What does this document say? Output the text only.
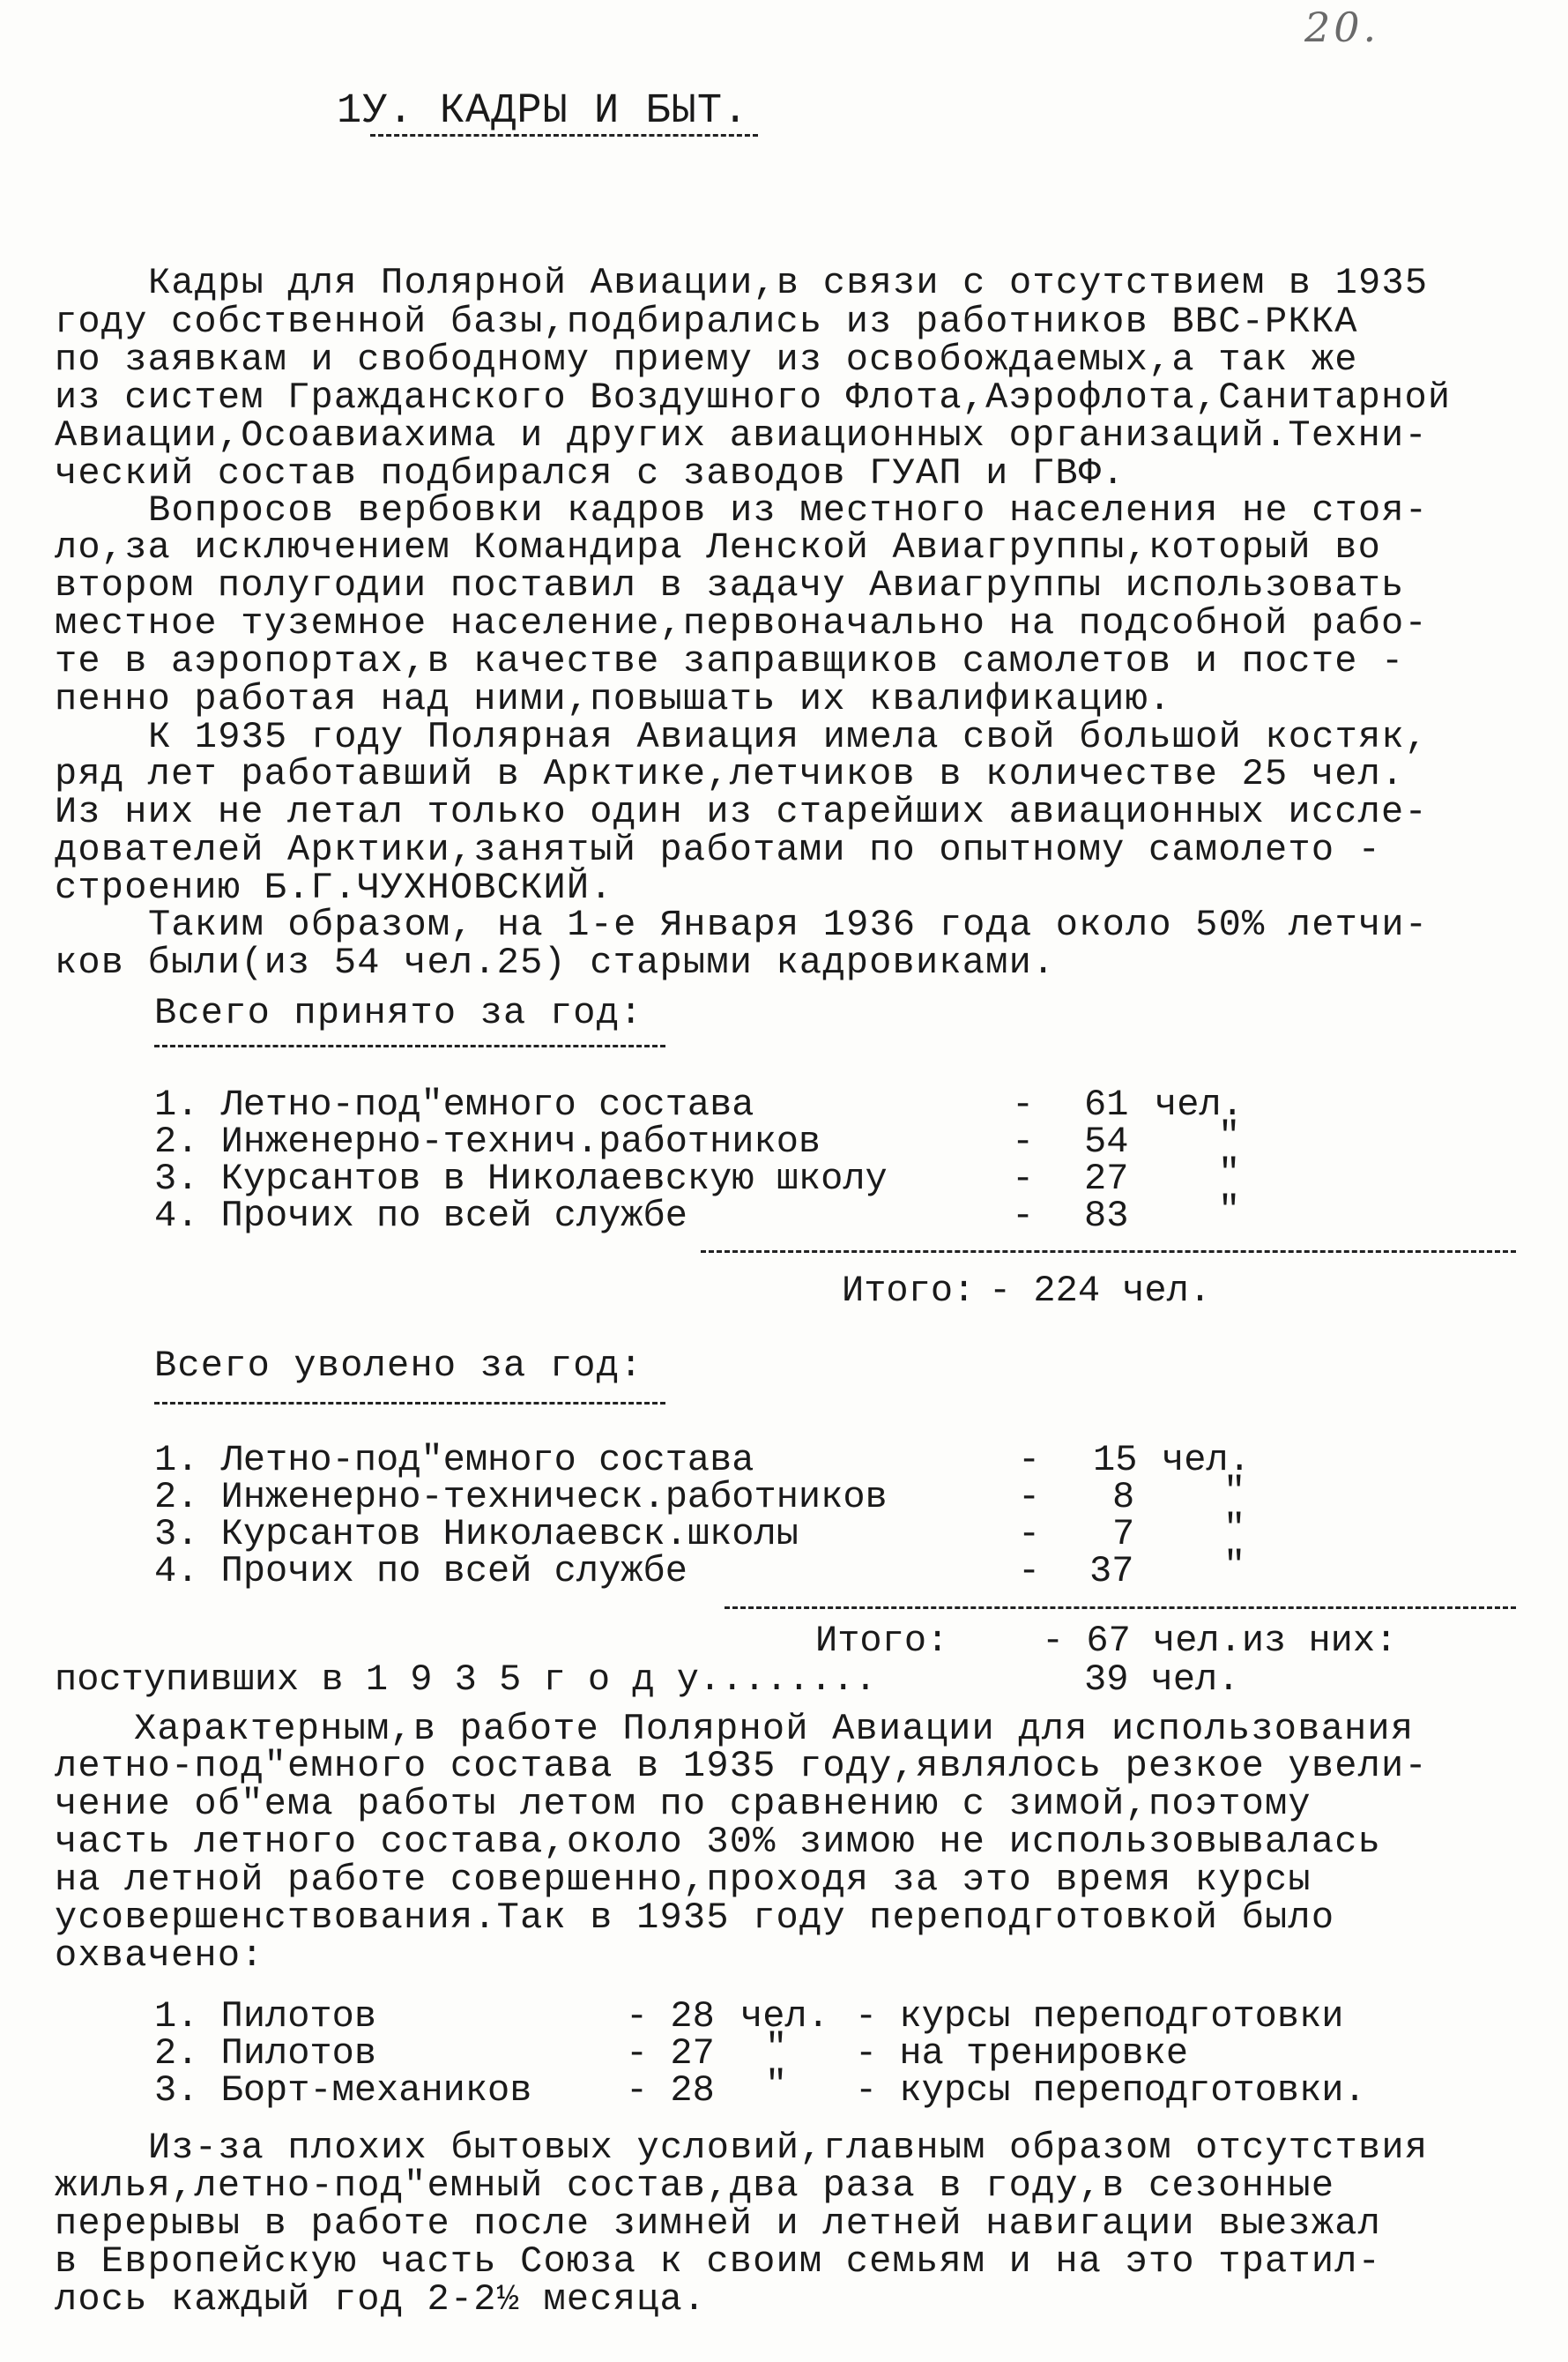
20.
1У. КАДРЫ И БЫТ.
Кадры для Полярной Авиации,в связи с отсутствием в 1935
году собственной базы,подбирались из работников ВВС-РККА
по заявкам и свободному приему из освобождаемых,а так же
из систем Гражданского Воздушного Флота,Аэрофлота,Санитарной
Авиации,Осоавиахима и других авиационных организаций.Техни-
ческий состав подбирался с заводов ГУАП и ГВФ.
Вопросов вербовки кадров из местного населения не стоя-
ло,за исключением Командира Ленской Авиагруппы,который во
втором полугодии поставил в задачу Авиагруппы использовать
местное туземное население,первоначально на подсобной рабо-
те в аэропортах,в качестве заправщиков самолетов и посте -
пенно работая над ними,повышать их квалификацию.
К 1935 году Полярная Авиация имела свой большой костяк,
ряд лет работавший в Арктике,летчиков в количестве 25 чел.
Из них не летал только один из старейших авиационных иссле-
дователей Арктики,занятый работами по опытному самолето -
строению Б.Г.ЧУХНОВСКИЙ.
Таким образом, на 1-е Января 1936 года около 50% летчи-
ков были(из 54 чел.25) старыми кадровиками.
Всего принято за год:
1. Летно-под"емного состава	- 61 чел.
2. Инженерно-технич.работников	- 54 "
3. Курсантов в Николаевскую школу	- 27 "
4. Прочих по всей службе	- 83 "
Итого: - 224 чел.
Всего уволено за год:
1. Летно-под"емного состава	- 15 чел.
2. Инженерно-техническ.работников	- 8 "
3. Курсантов Николаевск.школы	- 7 "
4. Прочих по всей службе	- 37 "
Итого:	- 67 чел.из них:
поступивших в 1 9 3 5 г о д у........	39 чел.
Характерным,в работе Полярной Авиации для использования
летно-под"емного состава в 1935 году,являлось резкое увели-
чение об"ема работы летом по сравнению с зимой,поэтому
часть летного состава,около 30% зимою не использовывалась
на летной работе совершенно,проходя за это время курсы
усовершенствования.Так в 1935 году переподготовкой было
охвачено:
1. Пилотов	- 28 чел. - курсы переподготовки
2. Пилотов	- 27 " - на тренировке
3. Борт-механиков	- 28 " - курсы переподготовки.
Из-за плохих бытовых условий,главным образом отсутствия
жилья,летно-под"емный состав,два раза в году,в сезонные
перерывы в работе после зимней и летней навигации выезжал
в Европейскую часть Союза к своим семьям и на это тратил-
лось каждый год 2-2½ месяца.
